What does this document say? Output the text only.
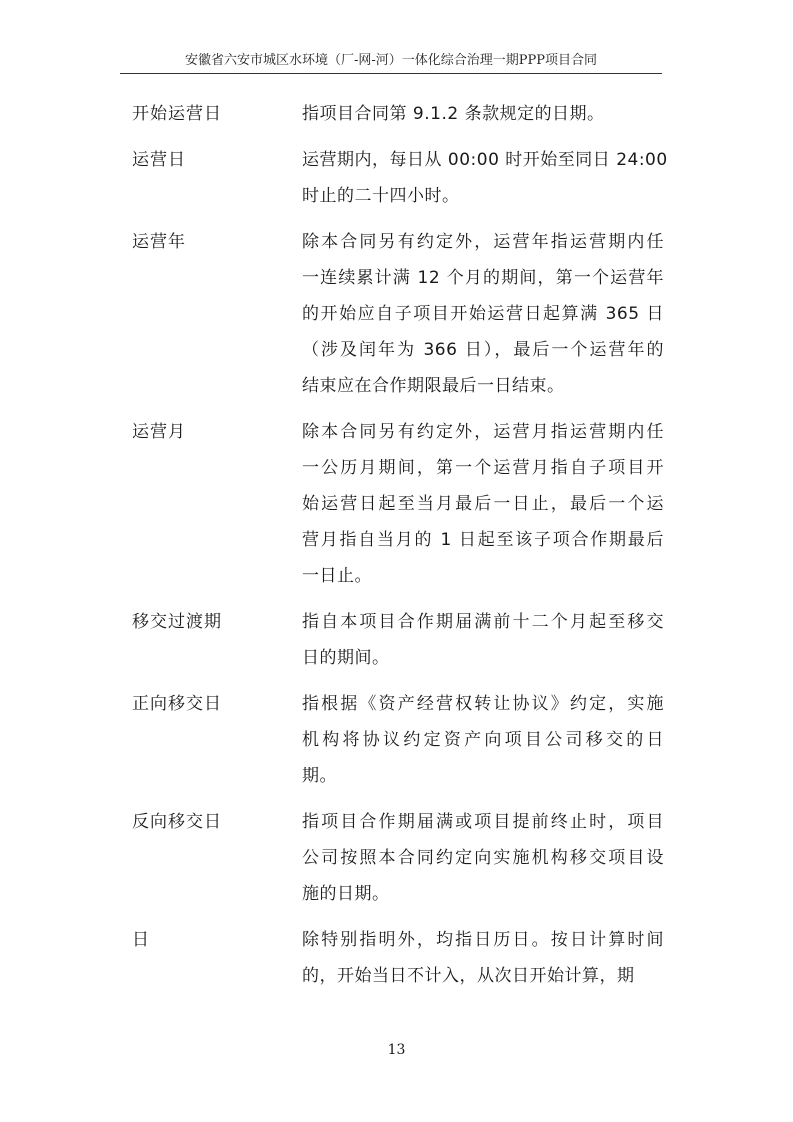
安徽省六安市城区水环境（厂-网-河）一体化综合治理一期PPP项目合同
开始运营日	指项目合同第 9.1.2 条款规定的日期。
运营日	运营期内，每日从 00:00 时开始至同日 24:00
时止的二十四小时。
运营年	除本合同另有约定外，运营年指运营期内任
一连续累计满 12 个月的期间，第一个运营年
的开始应自子项目开始运营日起算满 365 日
（涉及闰年为 366 日），最后一个运营年的
结束应在合作期限最后一日结束。
运营月	除本合同另有约定外，运营月指运营期内任
一公历月期间，第一个运营月指自子项目开
始运营日起至当月最后一日止，最后一个运
营月指自当月的 1 日起至该子项合作期最后
一日止。
移交过渡期	指自本项目合作期届满前十二个月起至移交
日的期间。
正向移交日	指根据《资产经营权转让协议》约定，实施
机构将协议约定资产向项目公司移交的日
期。
反向移交日	指项目合作期届满或项目提前终止时，项目
公司按照本合同约定向实施机构移交项目设
施的日期。
日	除特别指明外，均指日历日。按日计算时间
的，开始当日不计入，从次日开始计算，期
13
